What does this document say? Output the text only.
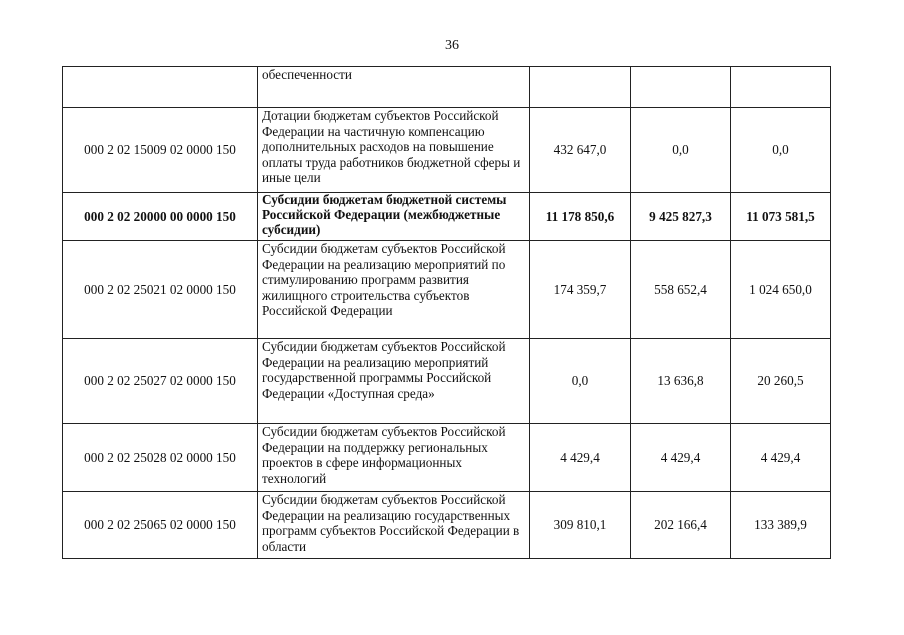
36
	обеспеченности			
000 2 02 15009 02 0000 150	Дотации бюджетам субъектов Российской Федерации на частичную компенсацию дополнительных расходов на повышение оплаты труда работников бюджетной сферы и иные цели	432 647,0	0,0	0,0
000 2 02 20000 00 0000 150	Субсидии бюджетам бюджетной системы Российской Федерации (межбюджетные субсидии)	11 178 850,6	9 425 827,3	11 073 581,5
000 2 02 25021 02 0000 150	Субсидии бюджетам субъектов Российской Федерации на реализацию мероприятий по стимулированию программ развития жилищного строительства субъектов Российской Федерации	174 359,7	558 652,4	1 024 650,0
000 2 02 25027 02 0000 150	Субсидии бюджетам субъектов Российской Федерации на реализацию мероприятий государственной программы Российской Федерации «Доступная среда»	0,0	13 636,8	20 260,5
000 2 02 25028 02 0000 150	Субсидии бюджетам субъектов Российской Федерации на поддержку региональных проектов в сфере информационных технологий	4 429,4	4 429,4	4 429,4
000 2 02 25065 02 0000 150	Субсидии бюджетам субъектов Российской Федерации на реализацию государственных программ субъектов Российской Федерации в области	309 810,1	202 166,4	133 389,9
